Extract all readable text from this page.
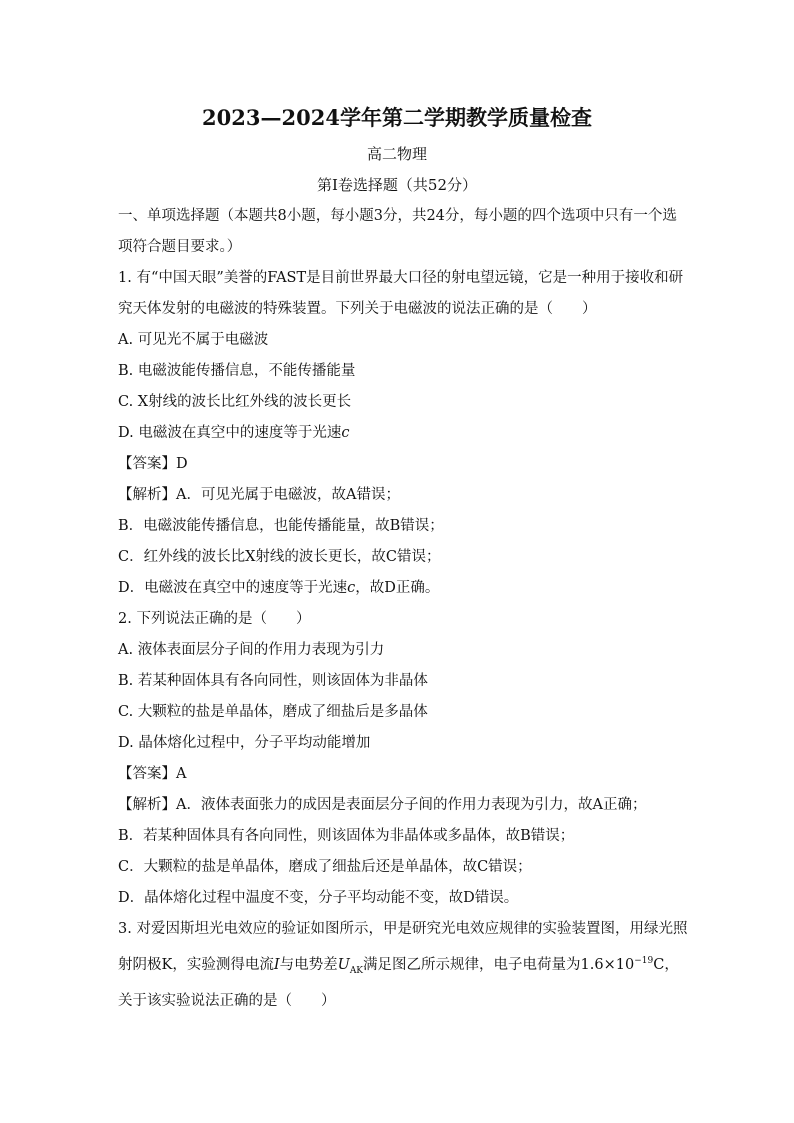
2023—2024学年第二学期教学质量检查
高二物理
第Ⅰ卷选择题（共52分）
一、单项选择题（本题共8小题，每小题3分，共24分，每小题的四个选项中只有一个选
项符合题目要求。）
1. 有“中国天眼”美誉的FAST是目前世界最大口径的射电望远镜，它是一种用于接收和研
究天体发射的电磁波的特殊装置。下列关于电磁波的说法正确的是（　　）
A. 可见光不属于电磁波
B. 电磁波能传播信息，不能传播能量
C. X射线的波长比红外线的波长更长
D. 电磁波在真空中的速度等于光速c
【答案】D
【解析】A．可见光属于电磁波，故A错误；
B．电磁波能传播信息，也能传播能量，故B错误；
C．红外线的波长比X射线的波长更长，故C错误；
D．电磁波在真空中的速度等于光速c，故D正确。
2. 下列说法正确的是（　　）
A. 液体表面层分子间的作用力表现为引力
B. 若某种固体具有各向同性，则该固体为非晶体
C. 大颗粒的盐是单晶体，磨成了细盐后是多晶体
D. 晶体熔化过程中，分子平均动能增加
【答案】A
【解析】A．液体表面张力的成因是表面层分子间的作用力表现为引力，故A正确；
B．若某种固体具有各向同性，则该固体为非晶体或多晶体，故B错误；
C．大颗粒的盐是单晶体，磨成了细盐后还是单晶体，故C错误；
D．晶体熔化过程中温度不变，分子平均动能不变，故D错误。
3. 对爱因斯坦光电效应的验证如图所示，甲是研究光电效应规律的实验装置图，用绿光照
射阴极K，实验测得电流I与电势差$U_{AK}$满足图乙所示规律，电子电荷量为$1.6\times 10^{-19}C$，
关于该实验说法正确的是（　　）
